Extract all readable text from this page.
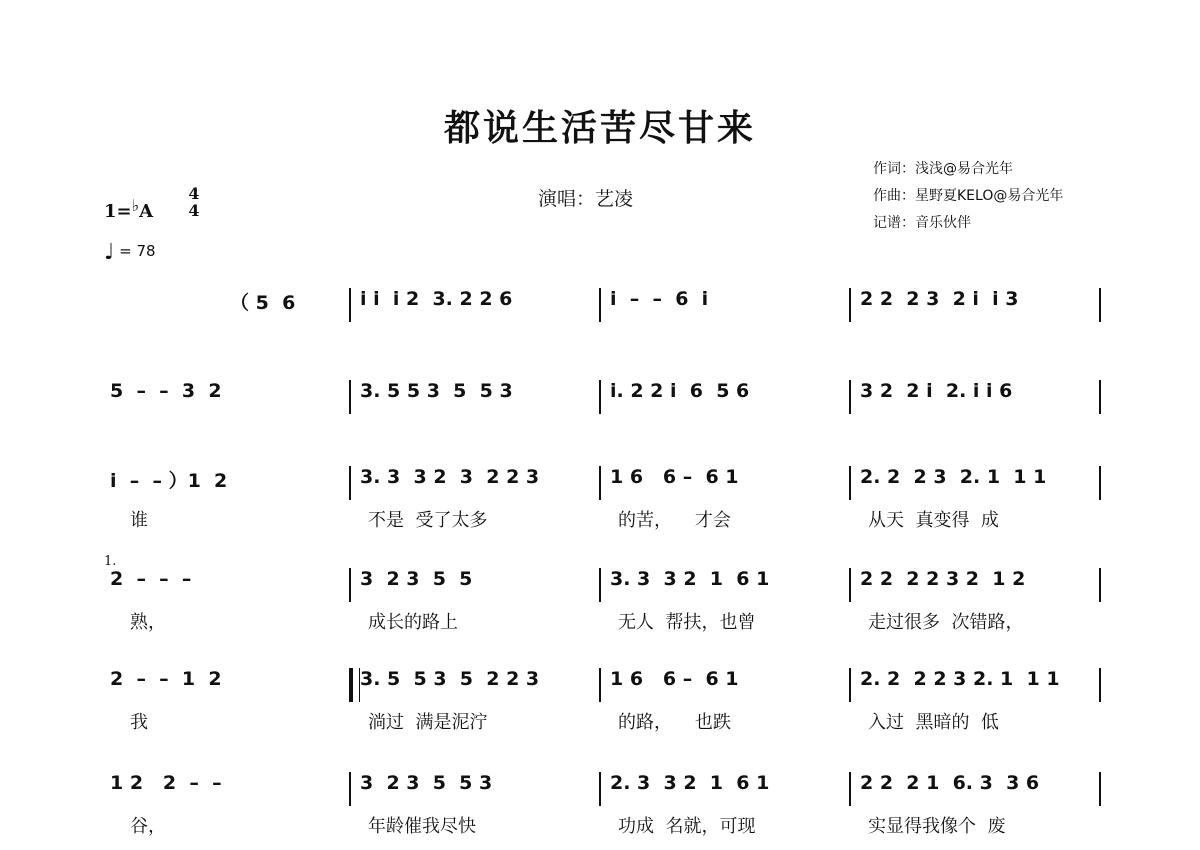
都说生活苦尽甘来
演唱：艺凌
作词：浅浅@易合光年
作曲：星野夏KELO@易合光年
记谱：音乐伙伴
1=♭A
4
4
♩ = 78
（ 5  6	i i  i 2  3. 2 2 6	i  –  –  6  i	2 2  2 3  2 i  i 3
5  –  –  3  2	3. 5 5 3  5  5 3	i. 2 2 i  6  5 6	3 2  2 i  2. i i 6
i  –  – ）1  2
谁
3. 3  3 2  3  2 2 3
不是  受了太多
1 6   6 –  6 1
的苦，    才会
2. 2  2 3  2. 1  1 1
从天  真变得  成
2  –  –  –
熟，
3  2 3  5  5
成长的路上
3. 3  3 2  1  6 1
无人  帮扶，也曾
2 2  2 2 3 2  1 2
走过很多  次错路，
2  –  –  1  2
我
3. 5  5 3  5  2 2 3
淌过  满是泥泞
1 6   6 –  6 1
的路，    也跌
2. 2  2 2 3 2. 1  1 1
入过  黑暗的  低
1 2   2  –  –
谷，
3  2 3  5  5 3
年龄催我尽快
2. 3  3 2  1  6 1
功成  名就，可现
2 2  2 1  6. 3  3 6
实显得我像个  废
1.
